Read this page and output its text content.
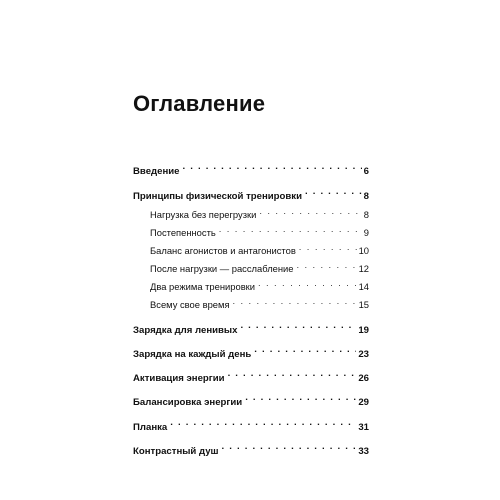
Оглавление
Введение . . .	6
Принципы физической тренировки . . .	8
Нагрузка без перегрузки . . .	8
Постепенность . . .	9
Баланс агонистов и антагонистов . . .	10
После нагрузки — расслабление . . .	12
Два режима тренировки . . .	14
Всему свое время . . .	15
Зарядка для ленивых . . .	19
Зарядка на каждый день . . .	23
Активация энергии . . .	26
Балансировка энергии . . .	29
Планка . . .	31
Контрастный душ . . .	33
